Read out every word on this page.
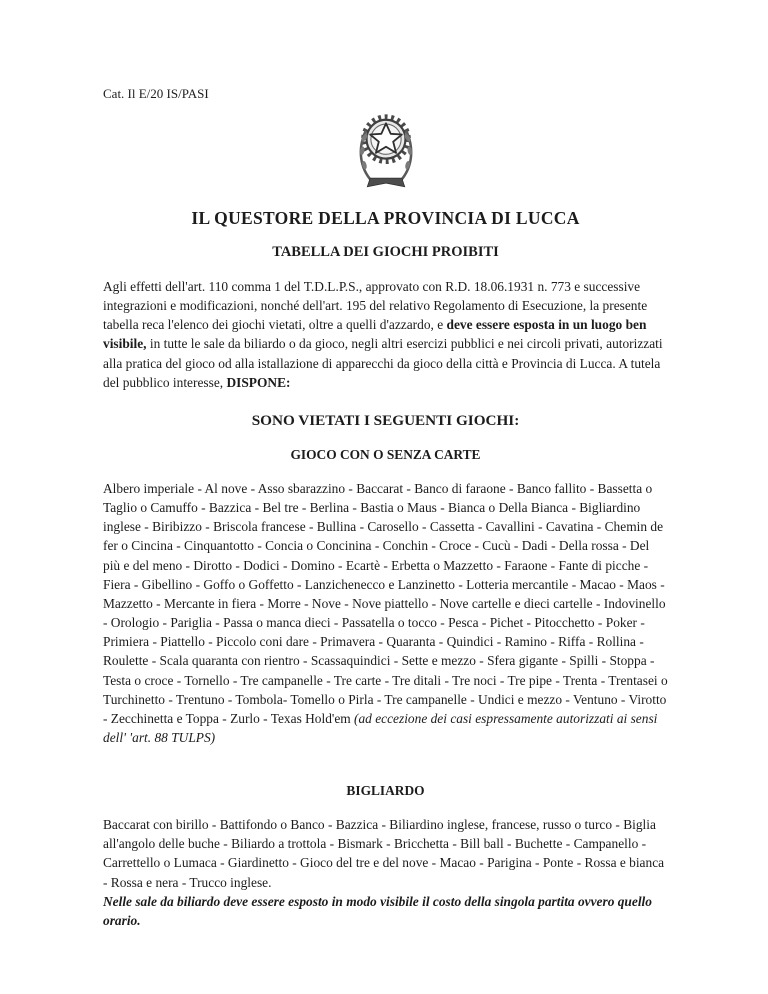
Cat. Il E/20 IS/PASI
IL QUESTORE DELLA PROVINCIA DI LUCCA
TABELLA DEI GIOCHI PROIBITI

Agli effetti dell'art. 110 comma 1 del T.D.L.P.S., approvato con R.D. 18.06.1931 n. 773 e successive integrazioni e modificazioni, nonché dell'art. 195 del relativo Regolamento di Esecuzione, la presente tabella reca l'elenco dei giochi vietati, oltre a quelli d'azzardo, e deve essere esposta in un luogo ben visibile, in tutte le sale da biliardo o da gioco, negli altri esercizi pubblici e nei circoli privati, autorizzati alla pratica del gioco od alla istallazione di apparecchi da gioco della città e Provincia di Lucca. A tutela del pubblico interesse, DISPONE:

SONO VIETATI I SEGUENTI GIOCHI:
GIOCO CON O SENZA CARTE

Albero imperiale - Al nove - Asso sbarazzino - Baccarat - Banco di faraone - Banco fallito - Bassetta o Taglio o Camuffo - Bazzica - Bel tre - Berlina - Bastia o Maus - Bianca o Della Bianca - Bigliardino inglese - Biribizzo - Briscola francese - Bullina - Carosello - Cassetta - Cavallini - Cavatina - Chemin de fer o Cincina - Cinquantotto - Concia o Concinina - Conchin - Croce - Cucù - Dadi - Della rossa - Del più e del meno - Dirotto - Dodici - Domino - Ecartè - Erbetta o Mazzetto - Faraone - Fante di picche - Fiera - Gibellino - Goffo o Goffetto - Lanzichenecco e Lanzinetto - Lotteria mercantile - Macao - Maos - Mazzetto - Mercante in fiera - Morre - Nove - Nove piattello - Nove cartelle e dieci cartelle - Indovinello - Orologio - Pariglia - Passa o manca dieci - Passatella o tocco - Pesca - Pichet - Pitocchetto - Poker - Primiera - Piattello - Piccolo coni dare - Primavera - Quaranta - Quindici - Ramino - Riffa - Rollina - Roulette - Scala quaranta con rientro - Scassaquindici - Sette e mezzo - Sfera gigante - Spilli - Stoppa - Testa o croce - Tornello - Tre campanelle - Tre carte - Tre ditali - Tre noci - Tre pipe - Trenta - Trentasei o Turchinetto - Trentuno - Tombola- Tomello o Pirla - Tre campanelle - Undici e mezzo - Ventuno - Virotto - Zecchinetta e Toppa - Zurlo - Texas Hold'em (ad eccezione dei casi espressamente autorizzati ai sensi dell' 'art. 88 TULPS)

BIGLIARDO

Baccarat con birillo - Battifondo o Banco - Bazzica - Biliardino inglese, francese, russo o turco - Biglia all'angolo delle buche - Biliardo a trottola - Bismark - Bricchetta - Bill ball - Buchette - Campanello - Carrettello o Lumaca - Giardinetto - Gioco del tre e del nove - Macao - Parigina - Ponte - Rossa e bianca - Rossa e nera - Trucco inglese.
Nelle sale da biliardo deve essere esposto in modo visibile il costo della singola partita ovvero quello orario.
